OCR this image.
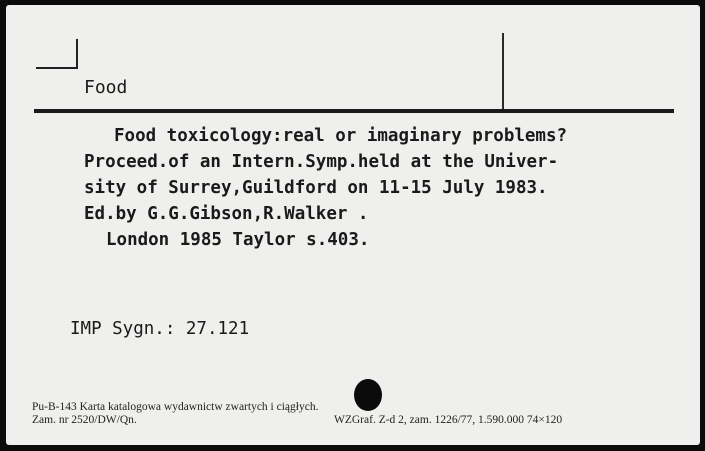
Food
Food toxicology:real or imaginary problems?
Proceed.of an Intern.Symp.held at the Univer-
sity of Surrey,Guildford on 11-15 July 1983.
Ed.by G.G.Gibson,R.Walker .
London 1985 Taylor s.403.
IMP Sygn.: 27.121
Pu-B-143 Karta katalogowa wydawnictw zwartych i ciągłych.
Zam. nr 2520/DW/Qn.	WZGraf. Z-d 2, zam. 1226/77, 1.590.000 74×120
